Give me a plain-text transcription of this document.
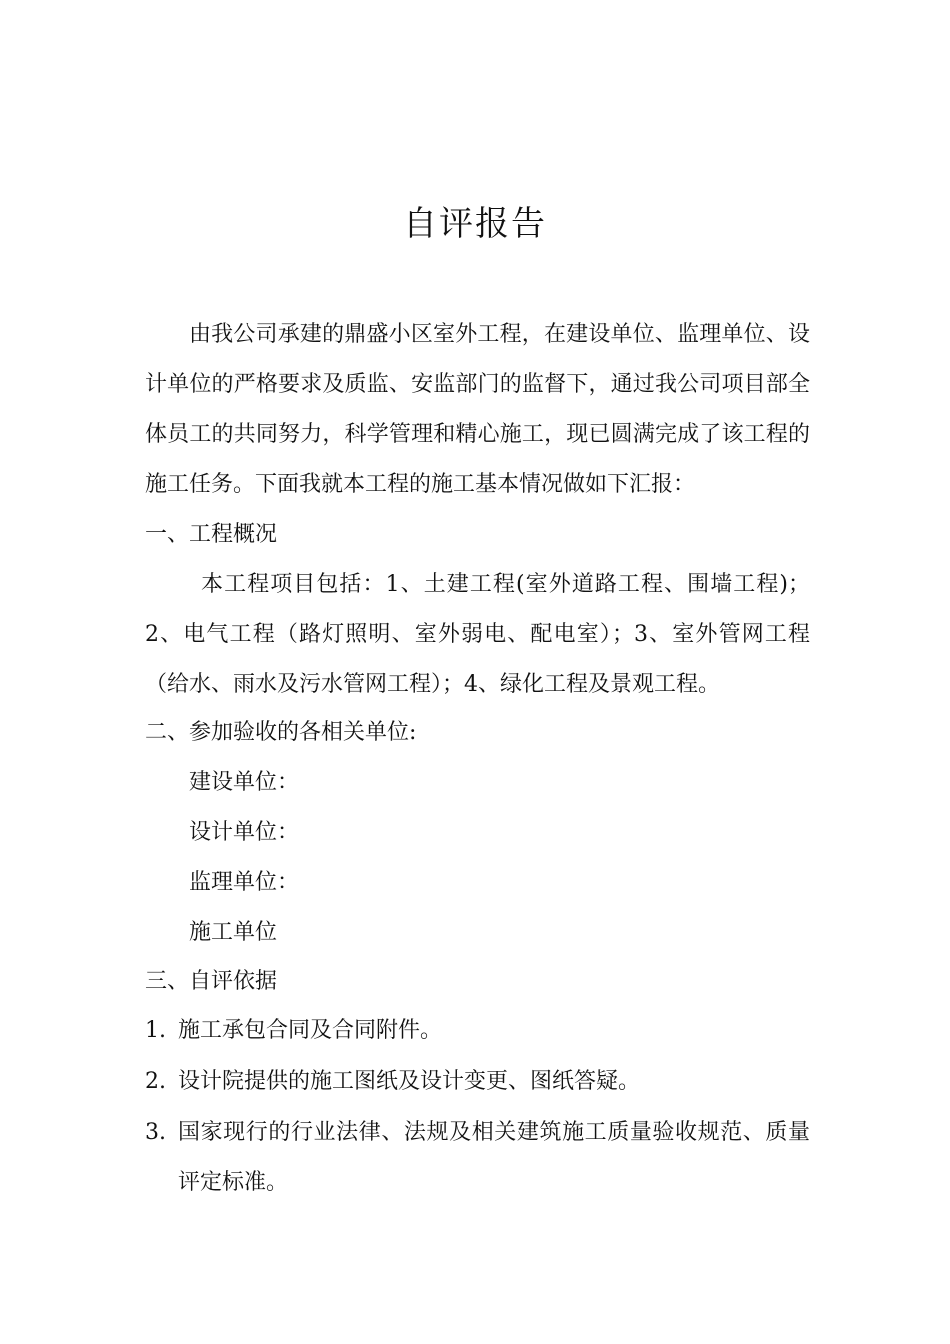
自评报告
由我公司承建的鼎盛小区室外工程，在建设单位、监理单位、设计单位的严格要求及质监、安监部门的监督下，通过我公司项目部全体员工的共同努力，科学管理和精心施工，现已圆满完成了该工程的施工任务。下面我就本工程的施工基本情况做如下汇报：
一、工程概况
本工程项目包括：1、土建工程(室外道路工程、围墙工程)；2、电气工程（路灯照明、室外弱电、配电室）；3、室外管网工程（给水、雨水及污水管网工程）；4、绿化工程及景观工程。
二、参加验收的各相关单位:
建设单位：
设计单位：
监理单位：
施工单位
三、自评依据
1. 施工承包合同及合同附件。
2. 设计院提供的施工图纸及设计变更、图纸答疑。
3. 国家现行的行业法律、法规及相关建筑施工质量验收规范、质量评定标准。
